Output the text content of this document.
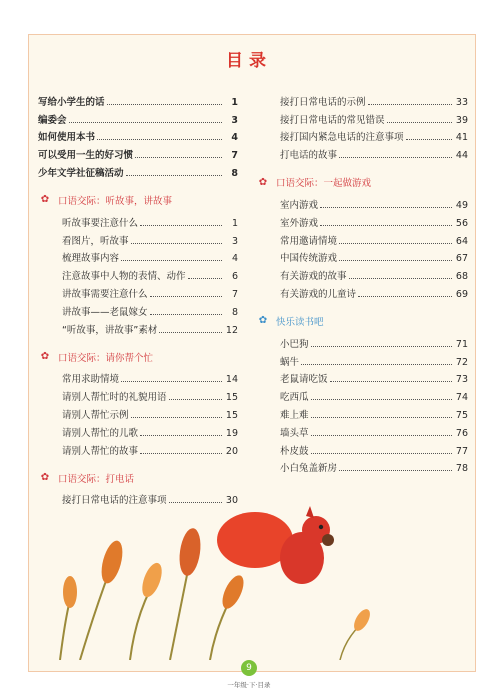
目录
写给小学生的话	1
编委会	3
如何使用本书	4
可以受用一生的好习惯	7
少年文学社征稿活动	8
✿ 口语交际：听故事，讲故事
听故事要注意什么	1
看图片，听故事	3
梳理故事内容	4
注意故事中人物的表情、动作	6
讲故事需要注意什么	7
讲故事——老鼠嫁女	8
“听故事，讲故事”素材	12
✿ 口语交际：请你帮个忙
常用求助情境	14
请别人帮忙时的礼貌用语	15
请别人帮忙示例	15
请别人帮忙的儿歌	19
请别人帮忙的故事	20
✿ 口语交际：打电话
接打日常电话的注意事项	30
接打日常电话的示例	33
接打日常电话的常见错误	39
接打国内紧急电话的注意事项	41
打电话的故事	44
✿ 口语交际：一起做游戏
室内游戏	49
室外游戏	56
常用邀请情境	64
中国传统游戏	67
有关游戏的故事	68
有关游戏的儿童诗	69
✿ 快乐读书吧
小巴狗	71
蜗牛	72
老鼠请吃饭	73
吃西瓜	74
难上难	75
墙头草	76
朴皮鼓	77
小白兔盖新房	78
9
一年级·下·目录
